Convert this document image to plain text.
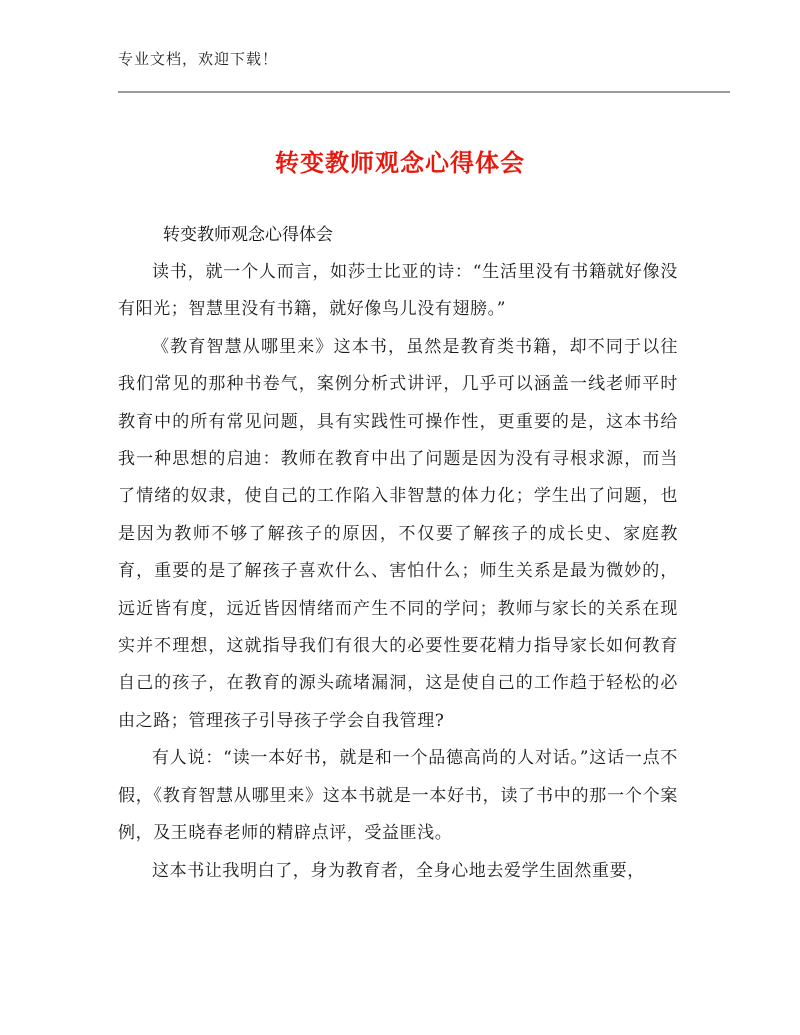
专业文档，欢迎下载！
转变教师观念心得体会
转变教师观念心得体会

读书，就一个人而言，如莎士比亚的诗：“生活里没有书籍就好像没有阳光；智慧里没有书籍，就好像鸟儿没有翅膀。”

《教育智慧从哪里来》这本书，虽然是教育类书籍，却不同于以往我们常见的那种书卷气，案例分析式讲评，几乎可以涵盖一线老师平时教育中的所有常见问题，具有实践性可操作性，更重要的是，这本书给我一种思想的启迪：教师在教育中出了问题是因为没有寻根求源，而当了情绪的奴隶，使自己的工作陷入非智慧的体力化；学生出了问题，也是因为教师不够了解孩子的原因，不仅要了解孩子的成长史、家庭教育，重要的是了解孩子喜欢什么、害怕什么；师生关系是最为微妙的，远近皆有度，远近皆因情绪而产生不同的学问；教师与家长的关系在现实并不理想，这就指导我们有很大的必要性要花精力指导家长如何教育自己的孩子，在教育的源头疏堵漏洞，这是使自己的工作趋于轻松的必由之路；管理孩子引导孩子学会自我管理?

有人说：“读一本好书，就是和一个品德高尚的人对话。”这话一点不假，《教育智慧从哪里来》这本书就是一本好书，读了书中的那一个个案例，及王晓春老师的精辟点评，受益匪浅。

这本书让我明白了，身为教育者，全身心地去爱学生固然重要，
